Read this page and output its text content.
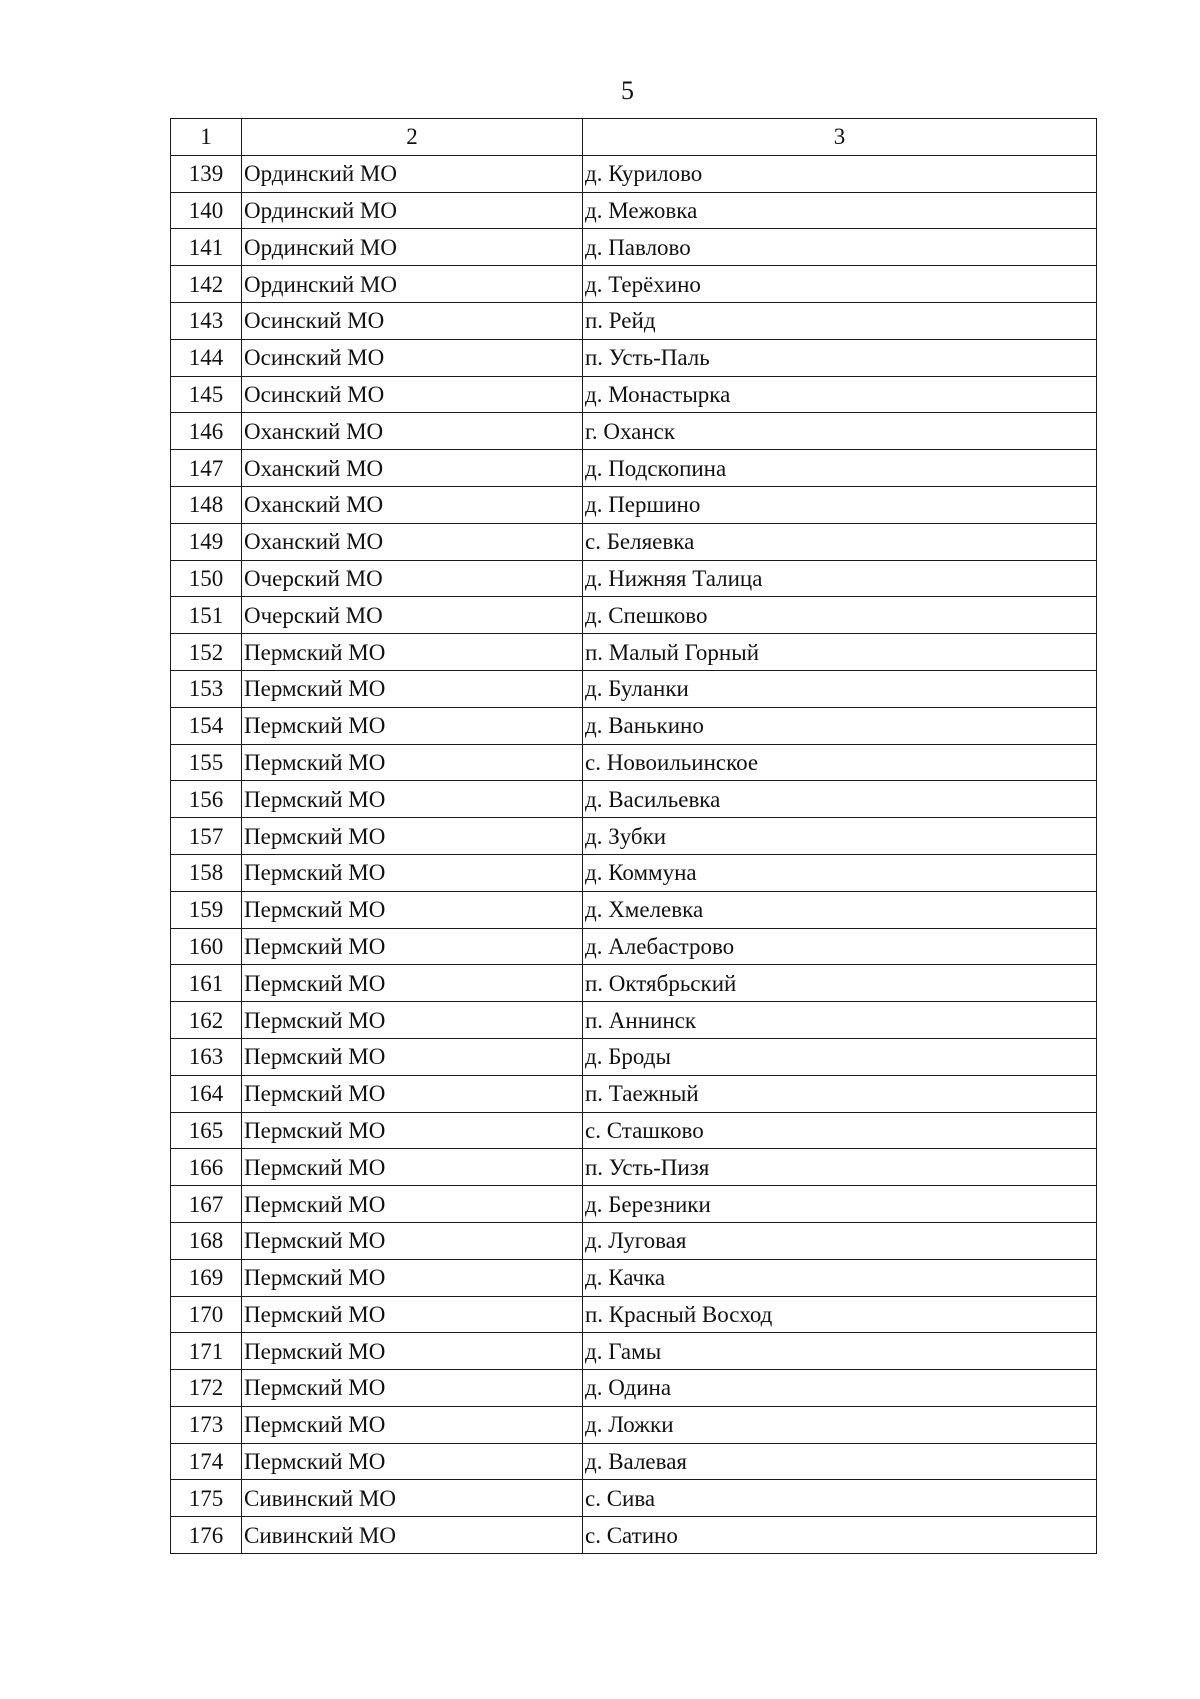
5
1	2	3
139	Ординский МО	д. Курилово
140	Ординский МО	д. Межовка
141	Ординский МО	д. Павлово
142	Ординский МО	д. Терёхино
143	Осинский МО	п. Рейд
144	Осинский МО	п. Усть-Паль
145	Осинский МО	д. Монастырка
146	Оханский МО	г. Оханск
147	Оханский МО	д. Подскопина
148	Оханский МО	д. Першино
149	Оханский МО	с. Беляевка
150	Очерский МО	д. Нижняя Талица
151	Очерский МО	д. Спешково
152	Пермский МО	п. Малый Горный
153	Пермский МО	д. Буланки
154	Пермский МО	д. Ванькино
155	Пермский МО	с. Новоильинское
156	Пермский МО	д. Васильевка
157	Пермский МО	д. Зубки
158	Пермский МО	д. Коммуна
159	Пермский МО	д. Хмелевка
160	Пермский МО	д. Алебастрово
161	Пермский МО	п. Октябрьский
162	Пермский МО	п. Аннинск
163	Пермский МО	д. Броды
164	Пермский МО	п. Таежный
165	Пермский МО	с. Сташково
166	Пермский МО	п. Усть-Пизя
167	Пермский МО	д. Березники
168	Пермский МО	д. Луговая
169	Пермский МО	д. Качка
170	Пермский МО	п. Красный Восход
171	Пермский МО	д. Гамы
172	Пермский МО	д. Одина
173	Пермский МО	д. Ложки
174	Пермский МО	д. Валевая
175	Сивинский МО	с. Сива
176	Сивинский МО	с. Сатино
